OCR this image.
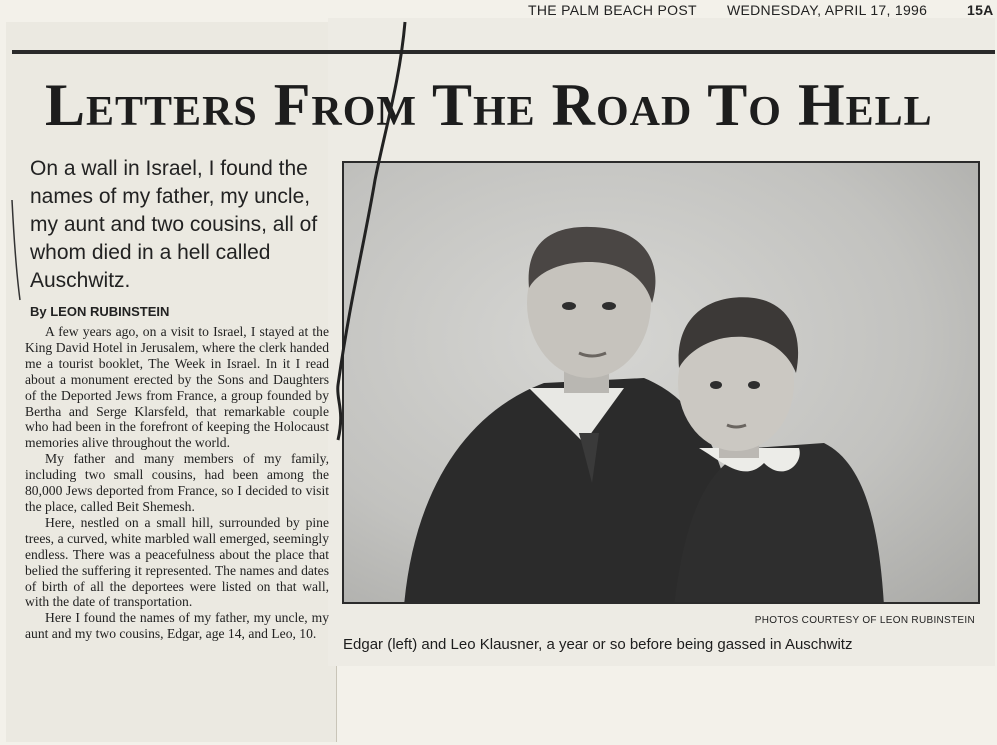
THE PALM BEACH POST WEDNESDAY, APRIL 17, 1996	15A
Letters From The Road To Hell
On a wall in Israel, I found the names of my father, my uncle, my aunt and two cousins, all of whom died in a hell called Auschwitz.
By LEON RUBINSTEIN

A few years ago, on a visit to Israel, I stayed at the King David Hotel in Jerusalem, where the clerk handed me a tourist booklet, The Week in Israel. In it I read about a monument erected by the Sons and Daughters of the Deported Jews from France, a group founded by Bertha and Serge Klarsfeld, that remarkable couple who had been in the forefront of keeping the Holocaust memories alive throughout the world.

My father and many members of my family, including two small cousins, had been among the 80,000 Jews deported from France, so I decided to visit the place, called Beit Shemesh.

Here, nestled on a small hill, surrounded by pine trees, a curved, white marbled wall emerged, seemingly endless. There was a peacefulness about the place that belied the suffering it represented. The names and dates of birth of all the deportees were listed on that wall, with the date of transportation.

Here I found the names of my father, my uncle, my aunt and my two cousins, Edgar, age 14, and Leo, 10.

PHOTOS COURTESY OF LEON RUBINSTEIN
Edgar (left) and Leo Klausner, a year or so before being gassed in Auschwitz
